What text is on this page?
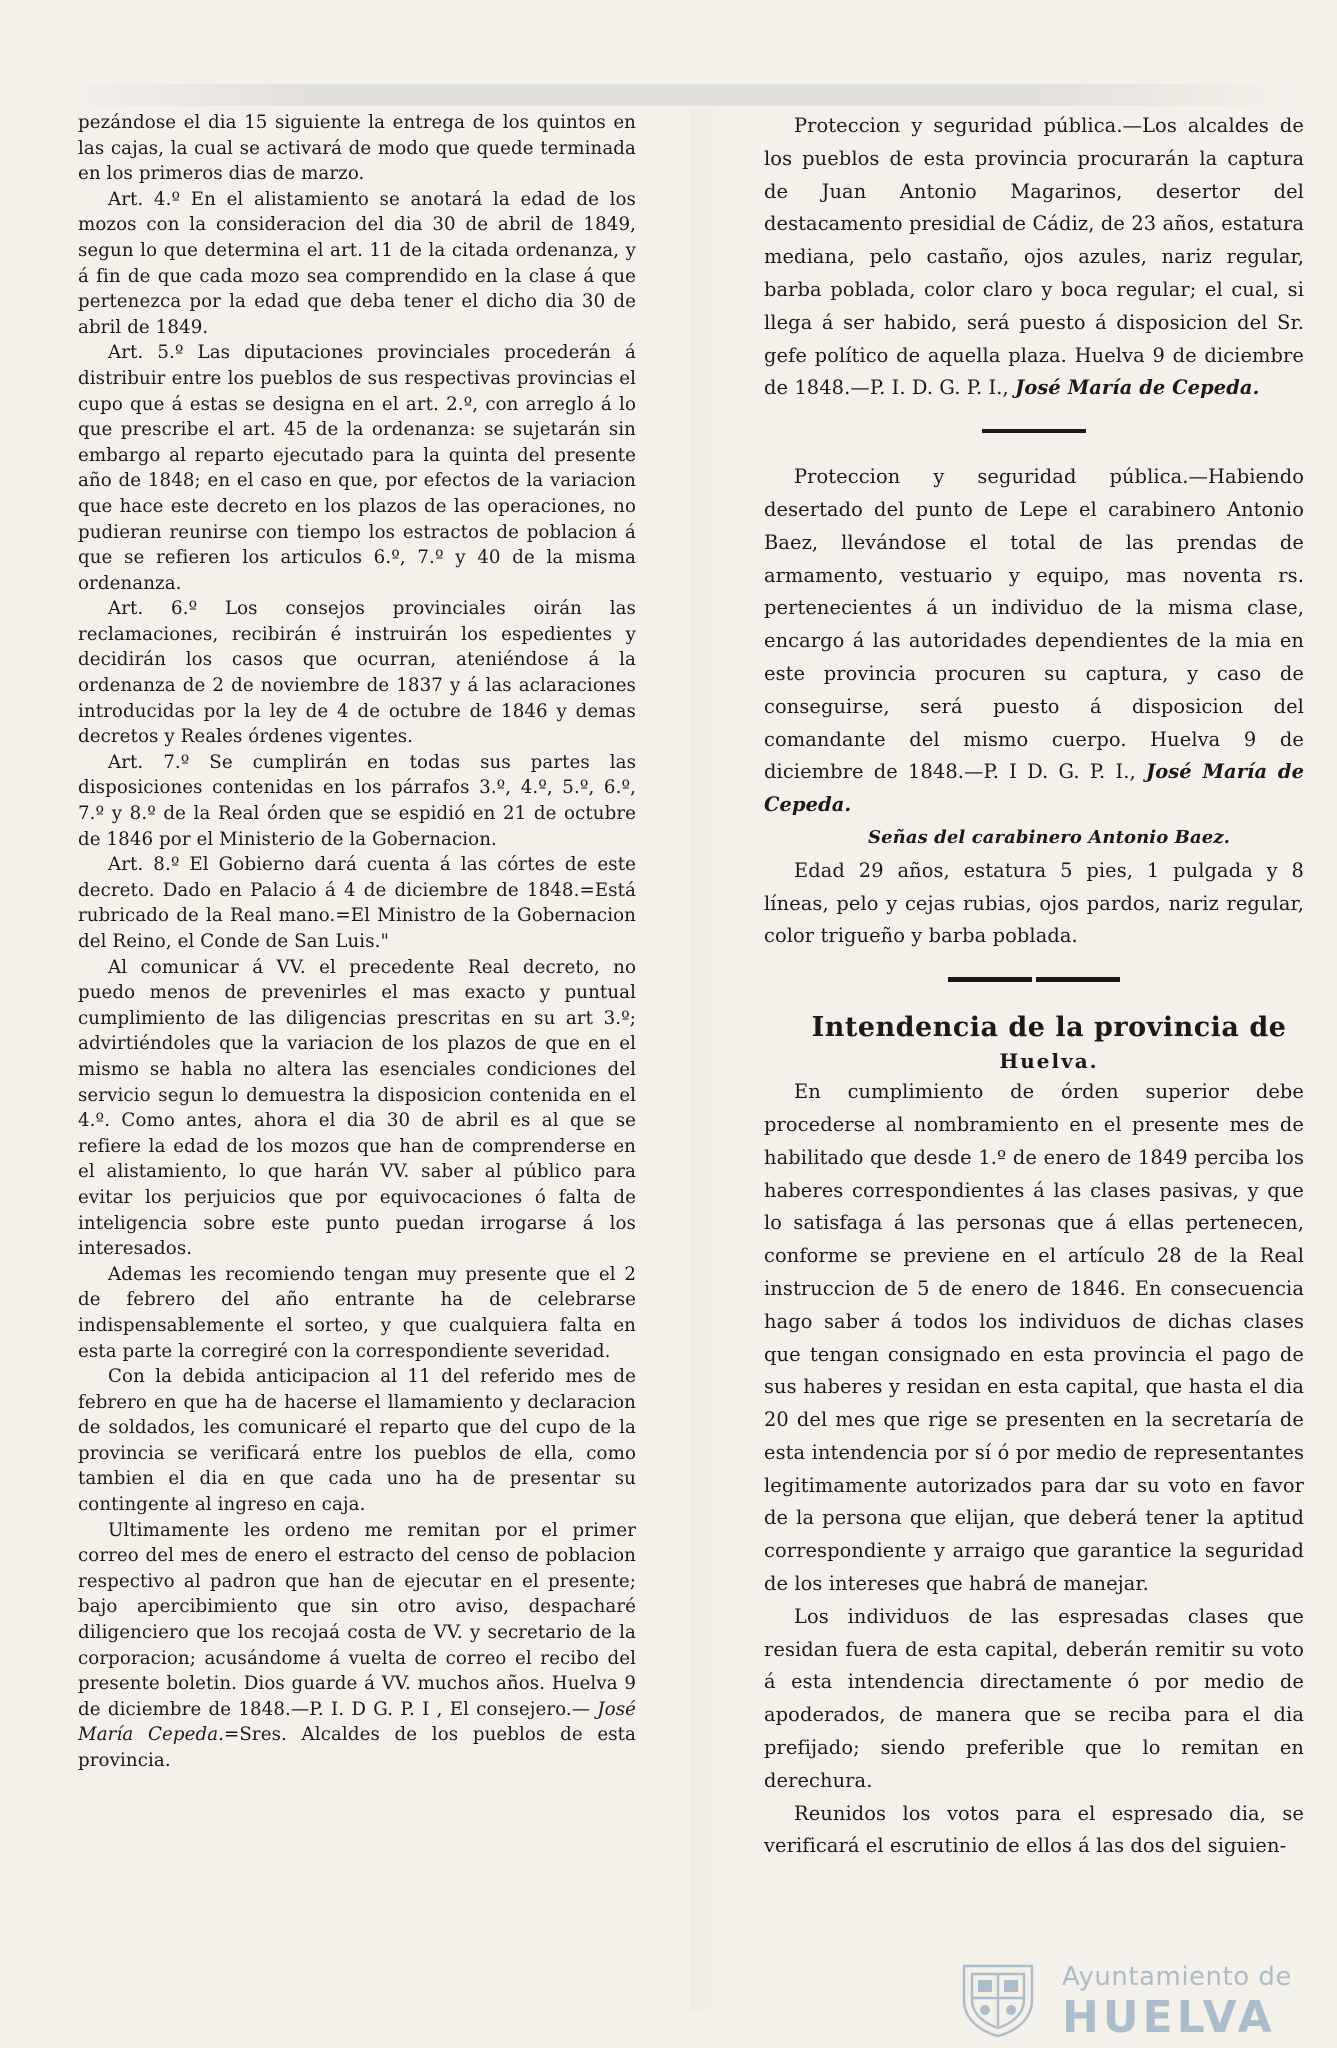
pezándose el dia 15 siguiente la entrega de los quintos en las cajas, la cual se activará de modo que quede terminada en los primeros dias de marzo.

Art. 4.º En el alistamiento se anotará la edad de los mozos con la consideracion del dia 30 de abril de 1849, segun lo que determina el art. 11 de la citada ordenanza, y á fin de que cada mozo sea comprendido en la clase á que pertenezca por la edad que deba tener el dicho dia 30 de abril de 1849.

Art. 5.º Las diputaciones provinciales procederán á distribuir entre los pueblos de sus respectivas provincias el cupo que á estas se designa en el art. 2.º, con arreglo á lo que prescribe el art. 45 de la ordenanza: se sujetarán sin embargo al reparto ejecutado para la quinta del presente año de 1848; en el caso en que, por efectos de la variacion que hace este decreto en los plazos de las operaciones, no pudieran reunirse con tiempo los estractos de poblacion á que se refieren los articulos 6.º, 7.º y 40 de la misma ordenanza.

Art. 6.º Los consejos provinciales oirán las reclamaciones, recibirán é instruirán los espedientes y decidirán los casos que ocurran, ateniéndose á la ordenanza de 2 de noviembre de 1837 y á las aclaraciones introducidas por la ley de 4 de octubre de 1846 y demas decretos y Reales órdenes vigentes.

Art. 7.º Se cumplirán en todas sus partes las disposiciones contenidas en los párrafos 3.º, 4.º, 5.º, 6.º, 7.º y 8.º de la Real órden que se espidió en 21 de octubre de 1846 por el Ministerio de la Gobernacion.

Art. 8.º El Gobierno dará cuenta á las córtes de este decreto. Dado en Palacio á 4 de diciembre de 1848.=Está rubricado de la Real mano.=El Ministro de la Gobernacion del Reino, el Conde de San Luis."

Al comunicar á VV. el precedente Real decreto, no puedo menos de prevenirles el mas exacto y puntual cumplimiento de las diligencias prescritas en su art 3.º; advirtiéndoles que la variacion de los plazos de que en el mismo se habla no altera las esenciales condiciones del servicio segun lo demuestra la disposicion contenida en el 4.º. Como antes, ahora el dia 30 de abril es al que se refiere la edad de los mozos que han de comprenderse en el alistamiento, lo que harán VV. saber al público para evitar los perjuicios que por equivocaciones ó falta de inteligencia sobre este punto puedan irrogarse á los interesados.

Ademas les recomiendo tengan muy presente que el 2 de febrero del año entrante ha de celebrarse indispensablemente el sorteo, y que cualquiera falta en esta parte la corregiré con la correspondiente severidad.

Con la debida anticipacion al 11 del referido mes de febrero en que ha de hacerse el llamamiento y declaracion de soldados, les comunicaré el reparto que del cupo de la provincia se verificará entre los pueblos de ella, como tambien el dia en que cada uno ha de presentar su contingente al ingreso en caja.

Ultimamente les ordeno me remitan por el primer correo del mes de enero el estracto del censo de poblacion respectivo al padron que han de ejecutar en el presente; bajo apercibimiento que sin otro aviso, despacharé diligenciero que los recojaá costa de VV. y secretario de la corporacion; acusándome á vuelta de correo el recibo del presente boletin. Dios guarde á VV. muchos años. Huelva 9 de diciembre de 1848.—P. I. D G. P. I , El consejero.— José María Cepeda.=Sres. Alcaldes de los pueblos de esta provincia.

Proteccion y seguridad pública.—Los alcaldes de los pueblos de esta provincia procurarán la captura de Juan Antonio Magarinos, desertor del destacamento presidial de Cádiz, de 23 años, estatura mediana, pelo castaño, ojos azules, nariz regular, barba poblada, color claro y boca regular; el cual, si llega á ser habido, será puesto á disposicion del Sr. gefe político de aquella plaza. Huelva 9 de diciembre de 1848.—P. I. D. G. P. I., José María de Cepeda.

Proteccion y seguridad pública.—Habiendo desertado del punto de Lepe el carabinero Antonio Baez, llevándose el total de las prendas de armamento, vestuario y equipo, mas noventa rs. pertenecientes á un individuo de la misma clase, encargo á las autoridades dependientes de la mia en este provincia procuren su captura, y caso de conseguirse, será puesto á disposicion del comandante del mismo cuerpo. Huelva 9 de diciembre de 1848.—P. I D. G. P. I., José María de Cepeda.

Señas del carabinero Antonio Baez.

Edad 29 años, estatura 5 pies, 1 pulgada y 8 líneas, pelo y cejas rubias, ojos pardos, nariz regular, color trigueño y barba poblada.

Intendencia de la provincia de

Huelva.

En cumplimiento de órden superior debe procederse al nombramiento en el presente mes de habilitado que desde 1.º de enero de 1849 perciba los haberes correspondientes á las clases pasivas, y que lo satisfaga á las personas que á ellas pertenecen, conforme se previene en el artículo 28 de la Real instruccion de 5 de enero de 1846. En consecuencia hago saber á todos los individuos de dichas clases que tengan consignado en esta provincia el pago de sus haberes y residan en esta capital, que hasta el dia 20 del mes que rige se presenten en la secretaría de esta intendencia por sí ó por medio de representantes legitimamente autorizados para dar su voto en favor de la persona que elijan, que deberá tener la aptitud correspondiente y arraigo que garantice la seguridad de los intereses que habrá de manejar.

Los individuos de las espresadas clases que residan fuera de esta capital, deberán remitir su voto á esta intendencia directamente ó por medio de apoderados, de manera que se reciba para el dia prefijado; siendo preferible que lo remitan en derechura.

Reunidos los votos para el espresado dia, se verificará el escrutinio de ellos á las dos del siguien-

Ayuntamiento de
HUELVA
